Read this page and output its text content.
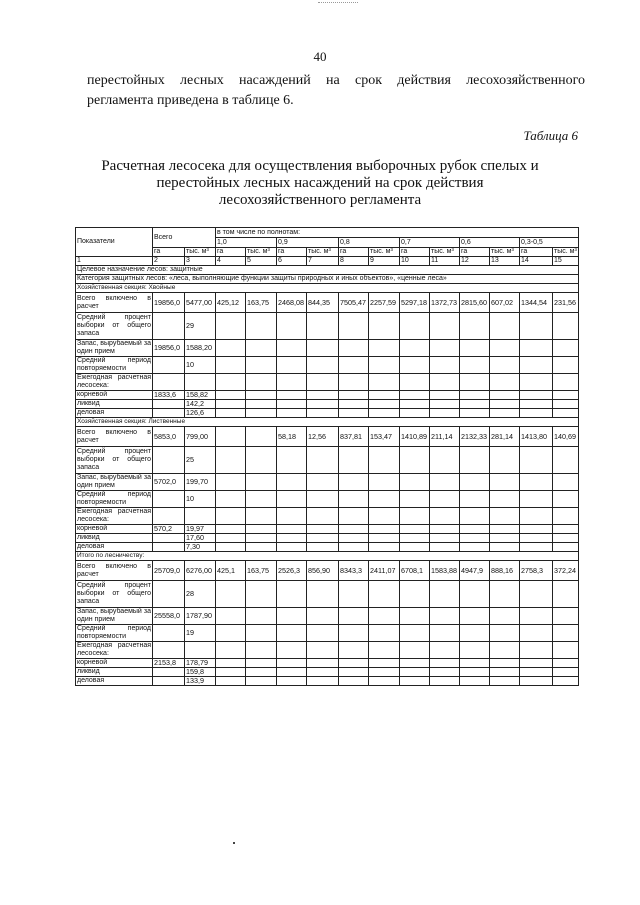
40
перестойных лесных насаждений на срок действия лесохозяйственного
регламента приведена в таблице 6.
Таблица 6
Расчетная лесосека для осуществления выборочных рубок спелых и
перестойных лесных насаждений на срок действия
лесохозяйственного регламента
Показатели	Всего		в том числе по полнотам:											
			1,0		0,9		0,8		0,7		0,6		0,3-0,5	
	га	тыс. м³	га	тыс. м³	га	тыс. м³	га	тыс. м³	га	тыс. м³	га	тыс. м³	га	тыс. м³
1	2	3	4	5	6	7	8	9	10	11	12	13	14	15
Целевое назначение лесов: защитные														
Категория защитных лесов: «леса, выполняющие функции защиты природных и иных объектов», «ценные леса»														
Хозяйственная секция: Хвойные														
Всего включено в расчет	19856,0	5477,00	425,12	163,75	2468,08	844,35	7505,47	2257,59	5297,18	1372,73	2815,60	607,02	1344,54	231,56
Средний процент выборки от общего запаса		29												
Запас, вырубаемый за один прием	19856,0	1588,20												
Средний период повторяемости		10												
Ежегодная расчетная лесосека:														
корневой	1833,6	158,82												
ликвид		142,2												
деловая		126,6												
Хозяйственная секция: Лиственные														
Всего включено в расчет	5853,0	799,00			58,18	12,56	837,81	153,47	1410,89	211,14	2132,33	281,14	1413,80	140,69
Средний процент выборки от общего запаса		25												
Запас, вырубаемый за один прием	5702,0	199,70												
Средний период повторяемости		10												
Ежегодная расчетная лесосека:														
корневой	570,2	19,97												
ликвид		17,60												
деловая		7,30												
Итого по лесничеству:														
Всего включено в расчет	25709,0	6276,00	425,1	163,75	2526,3	856,90	8343,3	2411,07	6708,1	1583,88	4947,9	888,16	2758,3	372,24
Средний процент выборки от общего запаса		28												
Запас, вырубаемый за один прием	25558,0	1787,90												
Средний период повторяемости		19												
Ежегодная расчетная лесосека:														
корневой	2153,8	178,79												
ликвид		159,8												
деловая		133,9												
